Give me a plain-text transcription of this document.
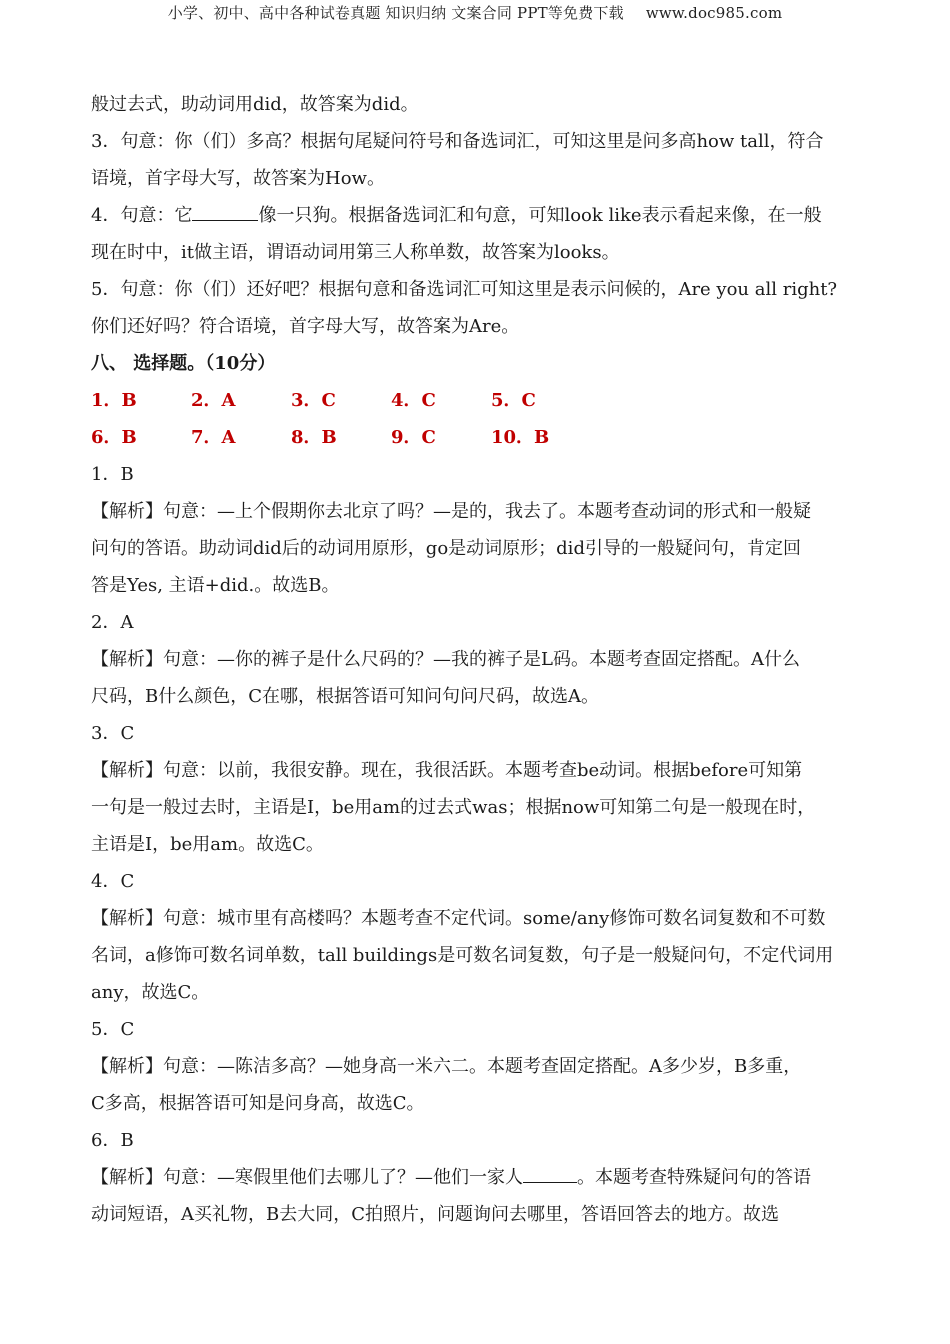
小学、初中、高中各种试卷真题 知识归纳 文案合同 PPT等免费下载 www.doc985.com
般过去式，助动词用did，故答案为did。
3．句意：你（们）多高？根据句尾疑问符号和备选词汇，可知这里是问多高how tall，符合
语境，首字母大写，故答案为How。
4．句意：它	像一只狗。根据备选词汇和句意，可知look like表示看起来像，在一般
现在时中，it做主语，谓语动词用第三人称单数，故答案为looks。
5．句意：你（们）还好吧？根据句意和备选词汇可知这里是表示问候的，Are you all right?
你们还好吗？符合语境，首字母大写，故答案为Are。
八、 选择题。（10分）
1．B	2．A	3．C	4．C	5．C
6．B	7．A	8．B	9．C	10．B
1．B
【解析】句意：—上个假期你去北京了吗？—是的，我去了。本题考查动词的形式和一般疑
问句的答语。助动词did后的动词用原形，go是动词原形；did引导的一般疑问句，肯定回
答是Yes, 主语+did.。故选B。
2．A
【解析】句意：—你的裤子是什么尺码的？—我的裤子是L码。本题考查固定搭配。A什么
尺码，B什么颜色，C在哪，根据答语可知问句问尺码，故选A。
3．C
【解析】句意：以前，我很安静。现在，我很活跃。本题考查be动词。根据before可知第
一句是一般过去时，主语是I，be用am的过去式was；根据now可知第二句是一般现在时，
主语是I，be用am。故选C。
4．C
【解析】句意：城市里有高楼吗？本题考查不定代词。some/any修饰可数名词复数和不可数
名词，a修饰可数名词单数，tall buildings是可数名词复数，句子是一般疑问句，不定代词用
any，故选C。
5．C
【解析】句意：—陈洁多高？—她身高一米六二。本题考查固定搭配。A多少岁，B多重，
C多高，根据答语可知是问身高，故选C。
6．B
【解析】句意：—寒假里他们去哪儿了？—他们一家人	。本题考查特殊疑问句的答语
动词短语，A买礼物，B去大同，C拍照片，问题询问去哪里，答语回答去的地方。故选
